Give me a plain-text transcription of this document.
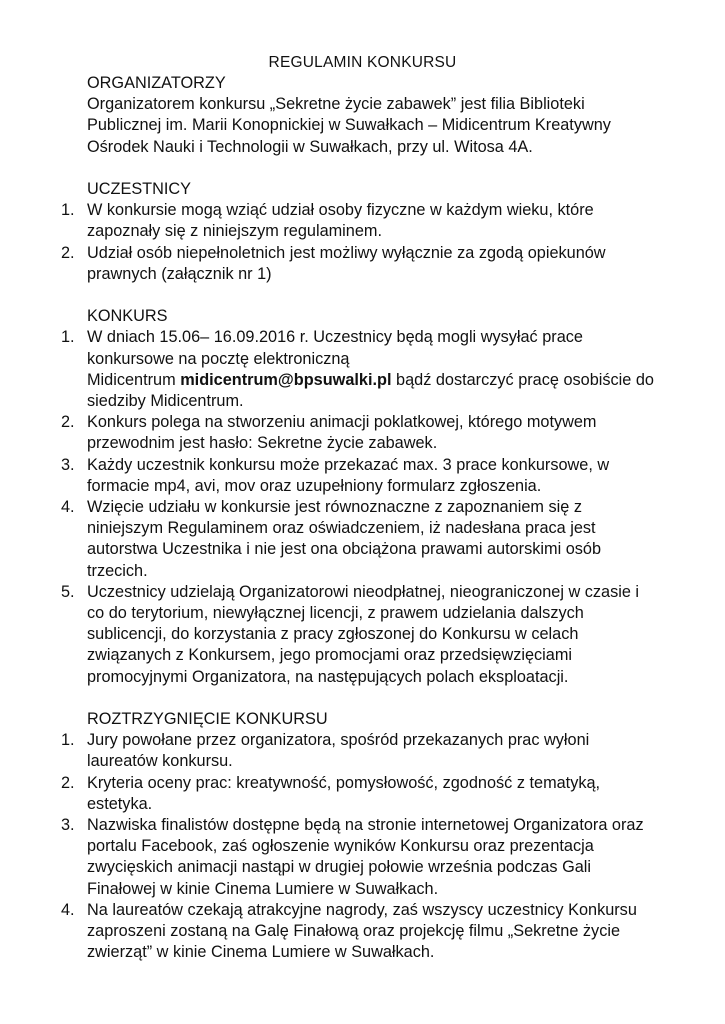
REGULAMIN KONKURSU
ORGANIZATORZY
Organizatorem konkursu „Sekretne życie zabawek” jest filia Biblioteki Publicznej im. Marii Konopnickiej w Suwałkach – Midicentrum Kreatywny Ośrodek Nauki i Technologii w Suwałkach, przy ul. Witosa 4A.
UCZESTNICY
1. W konkursie mogą wziąć udział osoby fizyczne w każdym wieku, które zapoznały się z niniejszym regulaminem.
2. Udział osób niepełnoletnich jest możliwy wyłącznie za zgodą opiekunów prawnych (załącznik nr 1)
KONKURS
1. W dniach 15.06– 16.09.2016 r. Uczestnicy będą mogli wysyłać prace konkursowe na pocztę elektroniczną
Midicentrum midicentrum@bpsuwalki.pl bądź dostarczyć pracę osobiście do siedziby Midicentrum.
2. Konkurs polega na stworzeniu animacji poklatkowej, którego motywem przewodnim jest hasło: Sekretne życie zabawek.
3. Każdy uczestnik konkursu może przekazać max. 3 prace konkursowe, w formacie mp4, avi, mov oraz uzupełniony formularz zgłoszenia.
4. Wzięcie udziału w konkursie jest równoznaczne z zapoznaniem się z niniejszym Regulaminem oraz oświadczeniem, iż nadesłana praca jest autorstwa Uczestnika i nie jest ona obciążona prawami autorskimi osób trzecich.
5. Uczestnicy udzielają Organizatorowi nieodpłatnej, nieograniczonej w czasie i co do terytorium, niewyłącznej licencji, z prawem udzielania dalszych sublicencji, do korzystania z pracy zgłoszonej do Konkursu w celach związanych z Konkursem, jego promocjami oraz przedsięwzięciami promocyjnymi Organizatora, na następujących polach eksploatacji.
ROZTRZYGNIĘCIE KONKURSU
1. Jury powołane przez organizatora, spośród przekazanych prac wyłoni laureatów konkursu.
2. Kryteria oceny prac: kreatywność, pomysłowość, zgodność z tematyką, estetyka.
3. Nazwiska finalistów dostępne będą na stronie internetowej Organizatora oraz portalu Facebook, zaś ogłoszenie wyników Konkursu oraz prezentacja zwycięskich animacji nastąpi w drugiej połowie września podczas Gali Finałowej w kinie Cinema Lumiere w Suwałkach.
4. Na laureatów czekają atrakcyjne nagrody, zaś wszyscy uczestnicy Konkursu zaproszeni zostaną na Galę Finałową oraz projekcję filmu „Sekretne życie zwierząt” w kinie Cinema Lumiere w Suwałkach.
